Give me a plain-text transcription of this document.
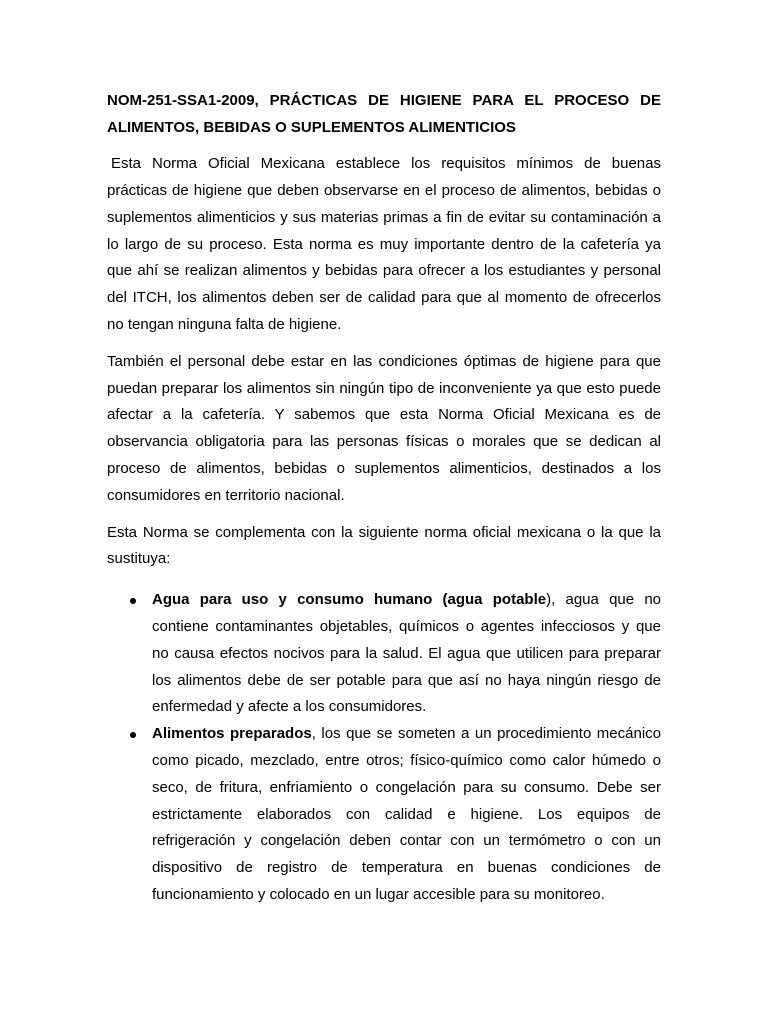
NOM-251-SSA1-2009, PRÁCTICAS DE HIGIENE PARA EL PROCESO DE ALIMENTOS, BEBIDAS O SUPLEMENTOS ALIMENTICIOS

Esta Norma Oficial Mexicana establece los requisitos mínimos de buenas prácticas de higiene que deben observarse en el proceso de alimentos, bebidas o suplementos alimenticios y sus materias primas a fin de evitar su contaminación a lo largo de su proceso. Esta norma es muy importante dentro de la cafetería ya que ahí se realizan alimentos y bebidas para ofrecer a los estudiantes y personal del ITCH, los alimentos deben ser de calidad para que al momento de ofrecerlos no tengan ninguna falta de higiene.

También el personal debe estar en las condiciones óptimas de higiene para que puedan preparar los alimentos sin ningún tipo de inconveniente ya que esto puede afectar a la cafetería. Y sabemos que esta Norma Oficial Mexicana es de observancia obligatoria para las personas físicas o morales que se dedican al proceso de alimentos, bebidas o suplementos alimenticios, destinados a los consumidores en territorio nacional.

Esta Norma se complementa con la siguiente norma oficial mexicana o la que la sustituya:

Agua para uso y consumo humano (agua potable), agua que no contiene contaminantes objetables, químicos o agentes infecciosos y que no causa efectos nocivos para la salud. El agua que utilicen para preparar los alimentos debe de ser potable para que así no haya ningún riesgo de enfermedad y afecte a los consumidores.
Alimentos preparados, los que se someten a un procedimiento mecánico como picado, mezclado, entre otros; físico-químico como calor húmedo o seco, de fritura, enfriamiento o congelación para su consumo. Debe ser estrictamente elaborados con calidad e higiene. Los equipos de refrigeración y congelación deben contar con un termómetro o con un dispositivo de registro de temperatura en buenas condiciones de funcionamiento y colocado en un lugar accesible para su monitoreo.
